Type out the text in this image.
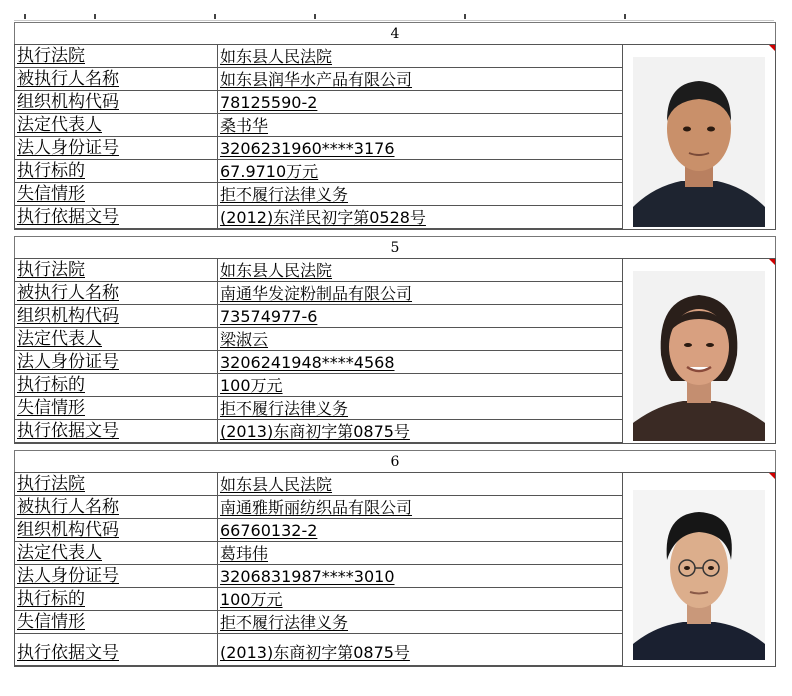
4
执行法院	如东县人民法院
被执行人名称	如东县润华水产品有限公司
组织机构代码	78125590-2
法定代表人	桑书华
法人身份证号	3206231960****3176
执行标的	67.9710万元
失信情形	拒不履行法律义务
执行依据文号	(2012)东洋民初字第0528号
5
执行法院	如东县人民法院
被执行人名称	南通华发淀粉制品有限公司
组织机构代码	73574977-6
法定代表人	梁淑云
法人身份证号	3206241948****4568
执行标的	100万元
失信情形	拒不履行法律义务
执行依据文号	(2013)东商初字第0875号
6
执行法院	如东县人民法院
被执行人名称	南通雅斯丽纺织品有限公司
组织机构代码	66760132-2
法定代表人	葛玮伟
法人身份证号	3206831987****3010
执行标的	100万元
失信情形	拒不履行法律义务
执行依据文号	(2013)东商初字第0875号
